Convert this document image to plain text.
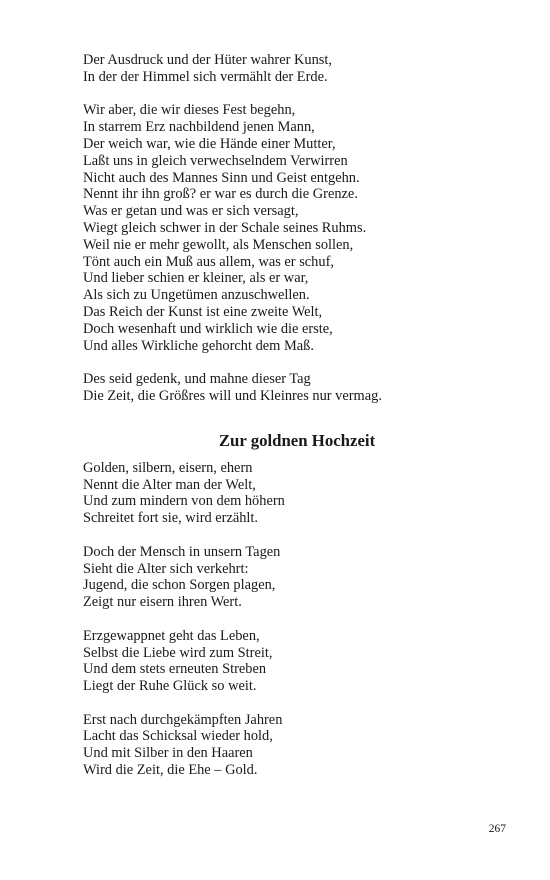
Der Ausdruck und der Hüter wahrer Kunst,
In der der Himmel sich vermählt der Erde.
Wir aber, die wir dieses Fest begehn,
In starrem Erz nachbildend jenen Mann,
Der weich war, wie die Hände einer Mutter,
Laßt uns in gleich verwechselndem Verwirren
Nicht auch des Mannes Sinn und Geist entgehn.
Nennt ihr ihn groß? er war es durch die Grenze.
Was er getan und was er sich versagt,
Wiegt gleich schwer in der Schale seines Ruhms.
Weil nie er mehr gewollt, als Menschen sollen,
Tönt auch ein Muß aus allem, was er schuf,
Und lieber schien er kleiner, als er war,
Als sich zu Ungetümen anzuschwellen.
Das Reich der Kunst ist eine zweite Welt,
Doch wesenhaft und wirklich wie die erste,
Und alles Wirkliche gehorcht dem Maß.
Des seid gedenk, und mahne dieser Tag
Die Zeit, die Größres will und Kleinres nur vermag.
Zur goldnen Hochzeit
Golden, silbern, eisern, ehern
Nennt die Alter man der Welt,
Und zum mindern von dem höhern
Schreitet fort sie, wird erzählt.
Doch der Mensch in unsern Tagen
Sieht die Alter sich verkehrt:
Jugend, die schon Sorgen plagen,
Zeigt nur eisern ihren Wert.
Erzgewappnet geht das Leben,
Selbst die Liebe wird zum Streit,
Und dem stets erneuten Streben
Liegt der Ruhe Glück so weit.
Erst nach durchgekämpften Jahren
Lacht das Schicksal wieder hold,
Und mit Silber in den Haaren
Wird die Zeit, die Ehe – Gold.
267
